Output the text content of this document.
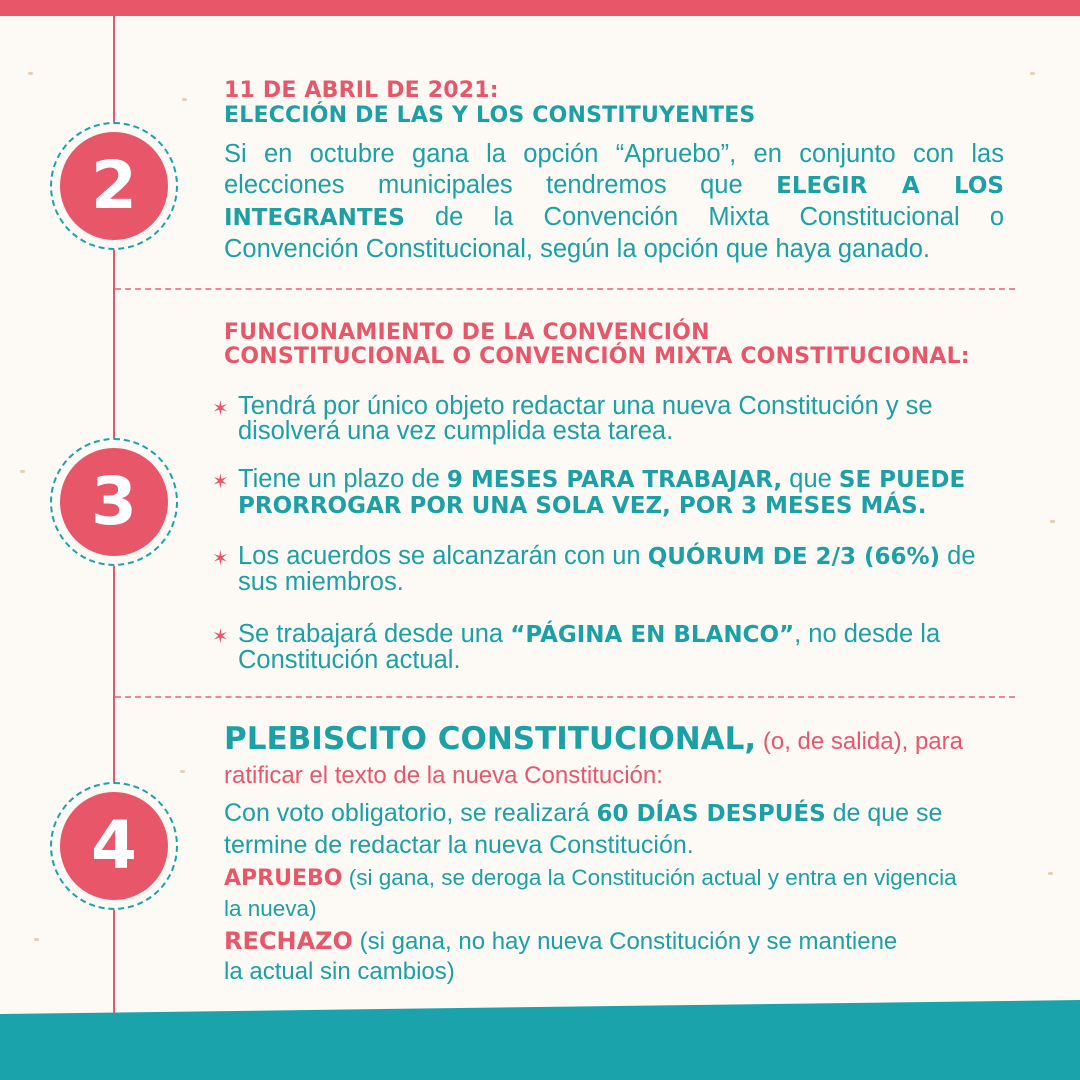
2
11 DE ABRIL DE 2021:
ELECCIÓN DE LAS Y LOS CONSTITUYENTES
Si en octubre gana la opción “Apruebo”, en conjunto con las elecciones municipales tendremos que ELEGIR A LOS INTEGRANTES de la Convención Mixta Constitucional o Convención Constitucional, según la opción que haya ganado.
3
FUNCIONAMIENTO DE LA CONVENCIÓN
CONSTITUCIONAL O CONVENCIÓN MIXTA CONSTITUCIONAL:
✶ Tendrá por único objeto redactar una nueva Constitución y se disolverá una vez cumplida esta tarea.
✶ Tiene un plazo de 9 MESES PARA TRABAJAR, que SE PUEDE PRORROGAR POR UNA SOLA VEZ, POR 3 MESES MÁS.
✶ Los acuerdos se alcanzarán con un QUÓRUM DE 2/3 (66%) de sus miembros.
✶ Se trabajará desde una “PÁGINA EN BLANCO”, no desde la Constitución actual.
4
PLEBISCITO CONSTITUCIONAL, (o, de salida), para
ratificar el texto de la nueva Constitución:
Con voto obligatorio, se realizará 60 DÍAS DESPUÉS de que se termine de redactar la nueva Constitución.
APRUEBO (si gana, se deroga la Constitución actual y entra en vigencia la nueva)
RECHAZO (si gana, no hay nueva Constitución y se mantiene la actual sin cambios)
